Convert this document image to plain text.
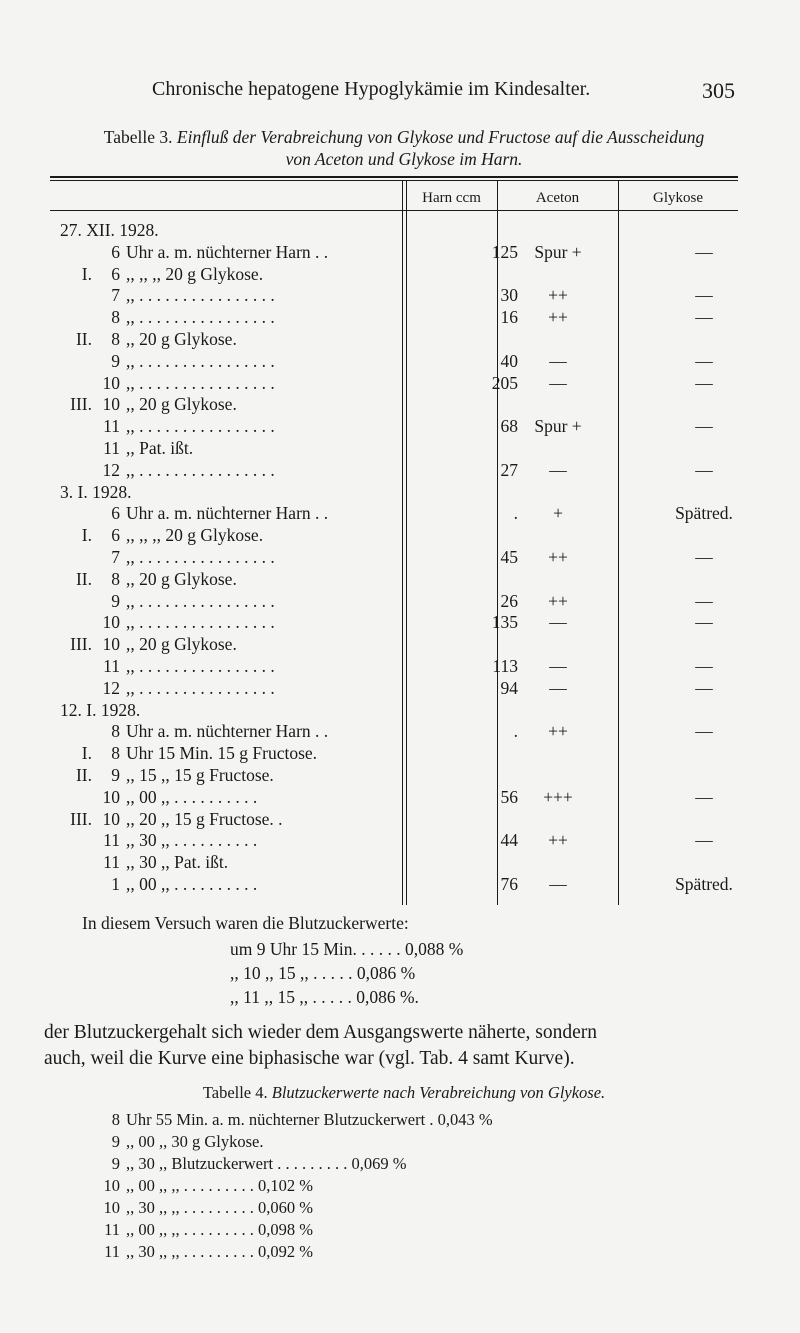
Chronische hepatogene Hypoglykämie im Kindesalter.	305
Tabelle 3. Einfluß der Verabreichung von Glykose und Fructose auf die Ausscheidung
von Aceton und Glykose im Harn.
Harn ccm	Aceton	Glykose
27. XII. 1928.
6 Uhr a. m. nüchterner Harn . .	125 Spur +	—
I.	6 ,, ,, ,, 20 g Glykose.
7 ,, . . . . . . . . . . . . . . . .	30	++	—
8 ,, . . . . . . . . . . . . . . . .	16	++	—
II.	8 ,, 20 g Glykose.
9 ,, . . . . . . . . . . . . . . . .	40	—	—
10 ,, . . . . . . . . . . . . . . . .	205	—	—
III. 10 ,, 20 g Glykose.
11 ,, . . . . . . . . . . . . . . . .	68 Spur +	—
11 ,, Pat. ißt.
12 ,, . . . . . . . . . . . . . . . .	27	—	—
3. I. 1928.
6 Uhr a. m. nüchterner Harn . .	.	+	Spätred.
I.	6 ,, ,, ,, 20 g Glykose.
7 ,, . . . . . . . . . . . . . . . .	45	++	—
II.	8 ,, 20 g Glykose.
9 ,, . . . . . . . . . . . . . . . .	26	++	—
10 ,, . . . . . . . . . . . . . . . .	135	—	—
III. 10 ,, 20 g Glykose.
11 ,, . . . . . . . . . . . . . . . .	113	—	—
12 ,, . . . . . . . . . . . . . . . .	94	—	—
12. I. 1928.
8 Uhr a. m. nüchterner Harn . .	.	++	—
I.	8 Uhr 15 Min. 15 g Fructose.
II.	9 ,, 15 ,, 15 g Fructose.
10 ,, 00 ,, . . . . . . . . . .	56	+++	—
III. 10 ,, 20 ,, 15 g Fructose. .
11 ,, 30 ,, . . . . . . . . . .	44	++	—
11 ,, 30 ,, Pat. ißt.
1 ,, 00 ,, . . . . . . . . . .	76	—	Spätred.
In diesem Versuch waren die Blutzuckerwerte:
um 9 Uhr 15 Min. . . . . . 0,088 %
,, 10 ,, 15 ,, . . . . . 0,086 %
,, 11 ,, 15 ,, . . . . . 0,086 %.
der Blutzuckergehalt sich wieder dem Ausgangswerte näherte, sondern
auch, weil die Kurve eine biphasische war (vgl. Tab. 4 samt Kurve).
Tabelle 4. Blutzuckerwerte nach Verabreichung von Glykose.
8 Uhr 55 Min. a. m. nüchterner Blutzuckerwert . 0,043 %
9 ,, 00 ,, 30 g Glykose.
9 ,, 30 ,, Blutzuckerwert . . . . . . . . . 0,069 %
10 ,, 00 ,, ,, . . . . . . . . . 0,102 %
10 ,, 30 ,, ,, . . . . . . . . . 0,060 %
11 ,, 00 ,, ,, . . . . . . . . . 0,098 %
11 ,, 30 ,, ,, . . . . . . . . . 0,092 %
